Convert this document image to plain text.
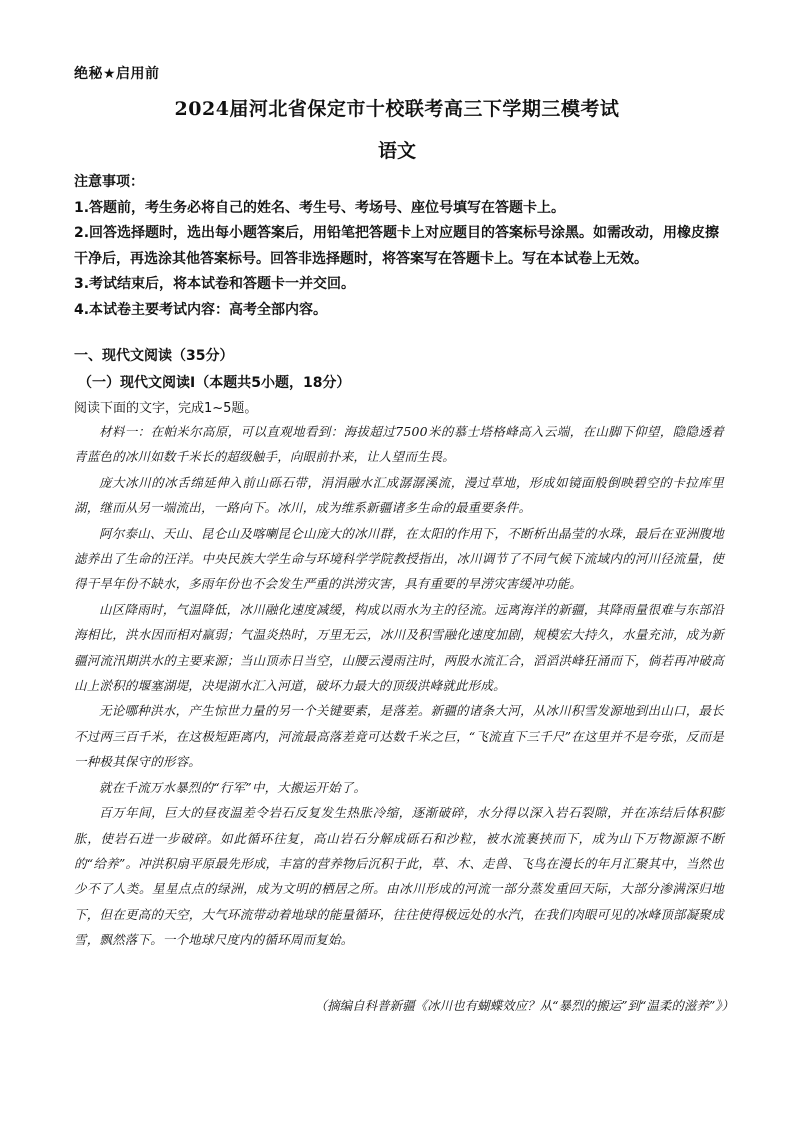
绝秘★启用前
2024届河北省保定市十校联考高三下学期三模考试
语文

注意事项：

1.答题前，考生务必将自己的姓名、考生号、考场号、座位号填写在答题卡上。

2.回答选择题时，选出每小题答案后，用铅笔把答题卡上对应题目的答案标号涂黑。如需改动，用橡皮擦干净后，再选涂其他答案标号。回答非选择题时，将答案写在答题卡上。写在本试卷上无效。

3.考试结束后，将本试卷和答题卡一并交回。

4.本试卷主要考试内容：高考全部内容。

一、现代文阅读（35分）
（一）现代文阅读Ⅰ（本题共5小题，18分）
阅读下面的文字，完成1~5题。

材料一：在帕米尔高原，可以直观地看到：海拔超过7500米的慕士塔格峰高入云端，在山脚下仰望，隐隐透着青蓝色的冰川如数千米长的超级触手，向眼前扑来，让人望而生畏。

庞大冰川的冰舌绵延伸入前山砾石带，涓涓融水汇成潺潺溪流，漫过草地，形成如镜面般倒映碧空的卡拉库里湖，继而从另一端流出，一路向下。冰川，成为维系新疆诸多生命的最重要条件。

阿尔泰山、天山、昆仑山及喀喇昆仑山庞大的冰川群，在太阳的作用下，不断析出晶莹的水珠，最后在亚洲腹地滤养出了生命的汪洋。中央民族大学生命与环境科学学院教授指出，冰川调节了不同气候下流域内的河川径流量，使得干旱年份不缺水，多雨年份也不会发生严重的洪涝灾害，具有重要的旱涝灾害缓冲功能。

山区降雨时，气温降低，冰川融化速度减缓，构成以雨水为主的径流。远离海洋的新疆，其降雨量很难与东部沿海相比，洪水因而相对羸弱；气温炎热时，万里无云，冰川及积雪融化速度加剧，规模宏大持久，水量充沛，成为新疆河流汛期洪水的主要来源；当山顶赤日当空，山腰云漫雨注时，两股水流汇合，滔滔洪峰狂涌而下，倘若再冲破高山上淤积的堰塞湖堤，决堤湖水汇入河道，破坏力最大的顶级洪峰就此形成。

无论哪种洪水，产生惊世力量的另一个关键要素，是落差。新疆的诸条大河，从冰川积雪发源地到出山口，最长不过两三百千米，在这极短距离内，河流最高落差竟可达数千米之巨，“飞流直下三千尺”在这里并不是夸张，反而是一种极其保守的形容。

就在千流万水暴烈的“行军”中，大搬运开始了。

百万年间，巨大的昼夜温差令岩石反复发生热胀冷缩，逐渐破碎，水分得以深入岩石裂隙，并在冻结后体积膨胀，使岩石进一步破碎。如此循环往复，高山岩石分解成砾石和沙粒，被水流裹挟而下，成为山下万物源源不断的“给养”。冲洪积扇平原最先形成，丰富的营养物后沉积于此，草、木、走兽、飞鸟在漫长的年月汇聚其中，当然也少不了人类。星星点点的绿洲，成为文明的栖居之所。由冰川形成的河流一部分蒸发重回天际，大部分渗满深归地下，但在更高的天空，大气环流带动着地球的能量循环，往往使得极远处的水汽，在我们肉眼可见的冰峰顶部凝聚成雪，飘然落下。一个地球尺度内的循环周而复始。

（摘编自科普新疆《冰川也有蝴蝶效应？从“暴烈的搬运”到“温柔的滋养”》）
